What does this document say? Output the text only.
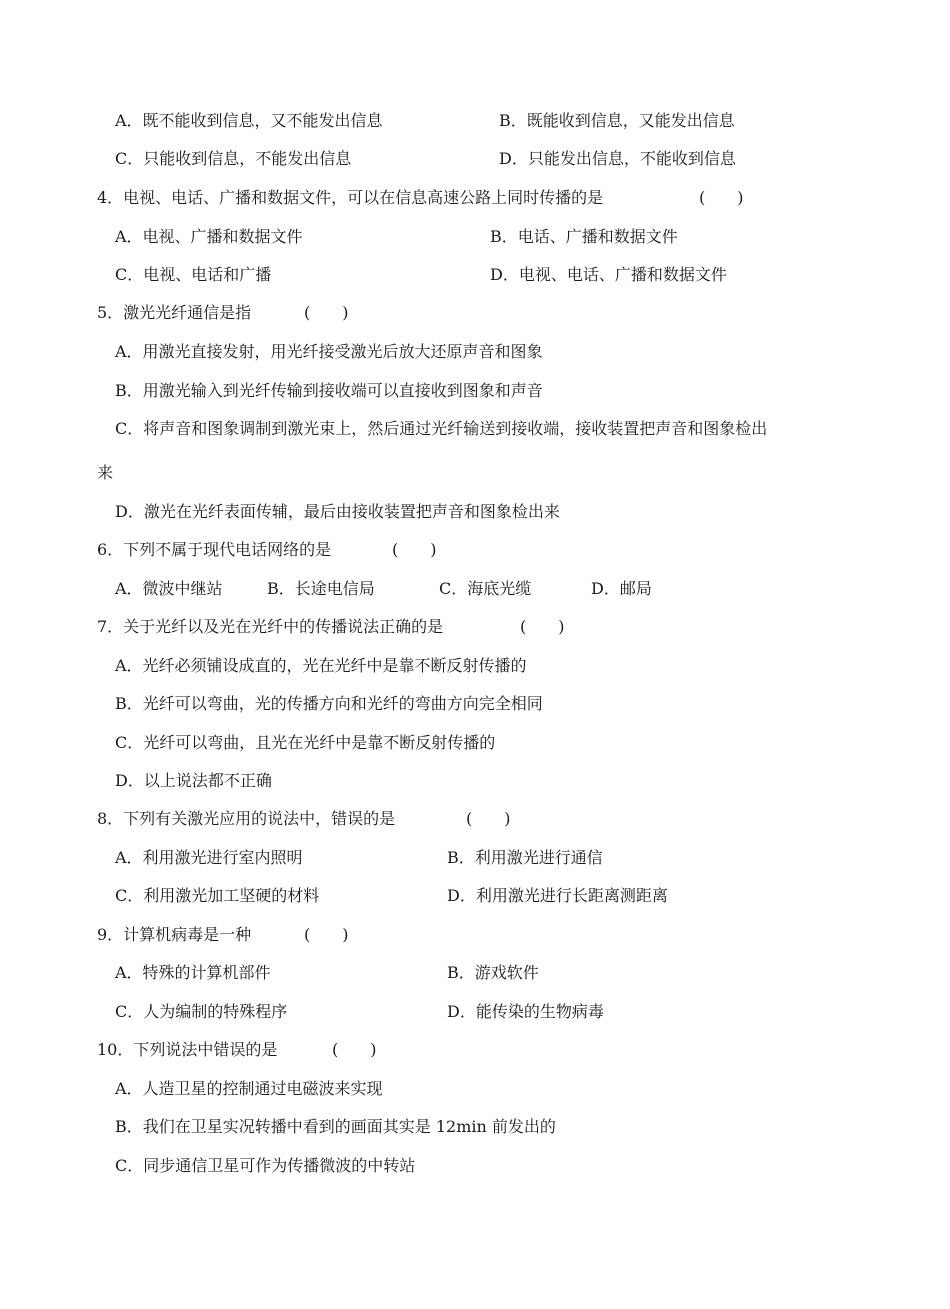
A．既不能收到信息，又不能发出信息	B．既能收到信息，又能发出信息
C．只能收到信息，不能发出信息	D．只能发出信息，不能收到信息
4．电视、电话、广播和数据文件，可以在信息高速公路上同时传播的是	(　　)
A．电视、广播和数据文件	B．电话、广播和数据文件
C．电视、电话和广播	D．电视、电话、广播和数据文件
5．激光光纤通信是指	(　　)
A．用激光直接发射，用光纤接受激光后放大还原声音和图象
B．用激光输入到光纤传输到接收端可以直接收到图象和声音
C．将声音和图象调制到激光束上，然后通过光纤输送到接收端，接收装置把声音和图象检出
来
D．激光在光纤表面传辅，最后由接收装置把声音和图象检出来
6．下列不属于现代电话网络的是	(　　)
A．微波中继站	B．长途电信局	C．海底光缆	D．邮局
7．关于光纤以及光在光纤中的传播说法正确的是	(　　)
A．光纤必须铺设成直的，光在光纤中是靠不断反射传播的
B．光纤可以弯曲，光的传播方向和光纤的弯曲方向完全相同
C．光纤可以弯曲，且光在光纤中是靠不断反射传播的
D．以上说法都不正确
8．下列有关激光应用的说法中，错误的是	(　　)
A．利用激光进行室内照明	B．利用激光进行通信
C．利用激光加工坚硬的材料	D．利用激光进行长距离测距离
9．计算机病毒是一种	(　　)
A．特殊的计算机部件	B．游戏软件
C．人为编制的特殊程序	D．能传染的生物病毒
10．下列说法中错误的是	(　　)
A．人造卫星的控制通过电磁波来实现
B．我们在卫星实况转播中看到的画面其实是 12min 前发出的
C．同步通信卫星可作为传播微波的中转站
